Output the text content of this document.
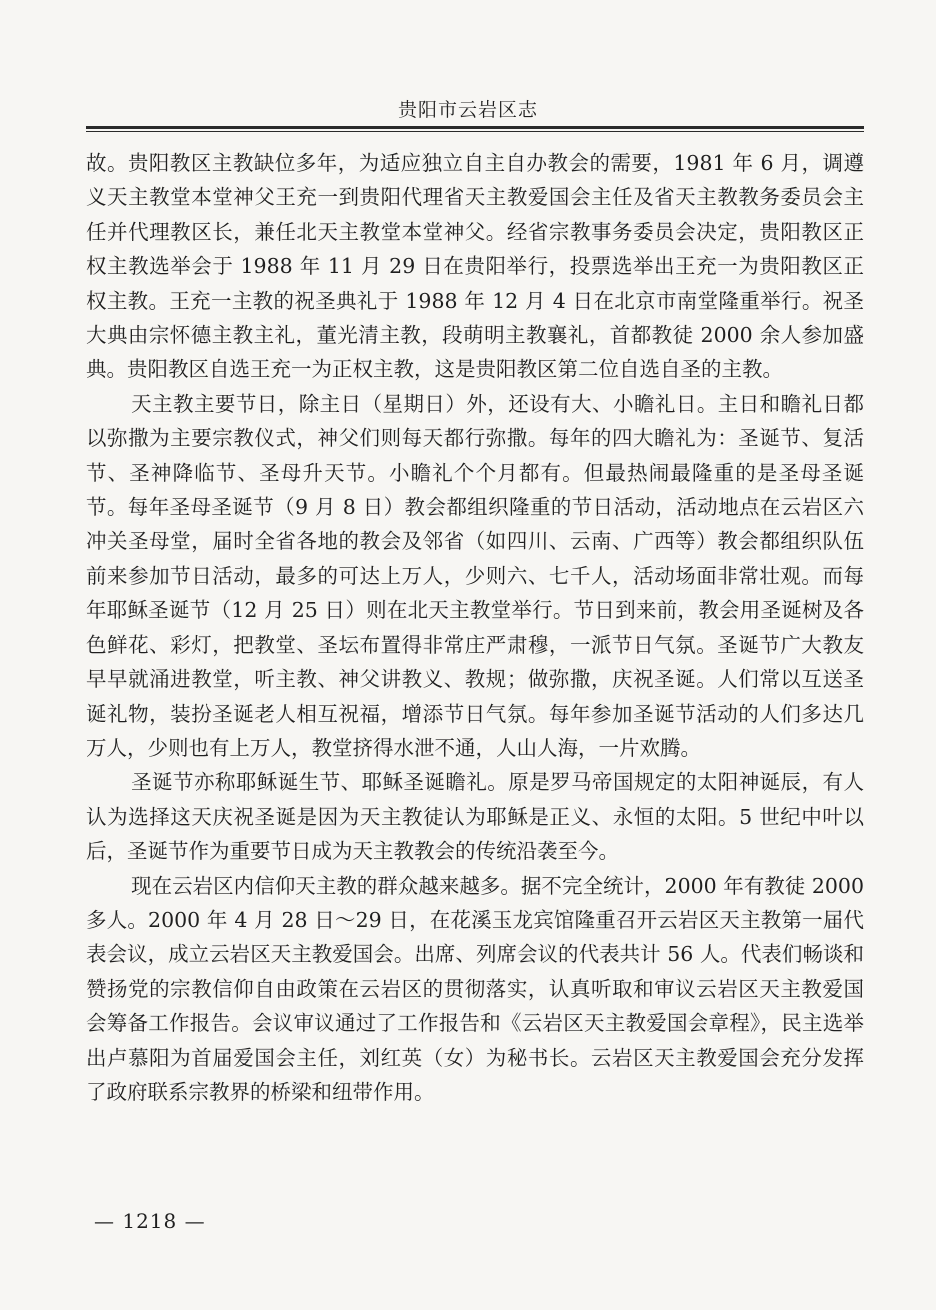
贵阳市云岩区志

故。贵阳教区主教缺位多年，为适应独立自主自办教会的需要，1981 年 6 月，调遵义天主教堂本堂神父王充一到贵阳代理省天主教爱国会主任及省天主教教务委员会主任并代理教区长，兼任北天主教堂本堂神父。经省宗教事务委员会决定，贵阳教区正权主教选举会于 1988 年 11 月 29 日在贵阳举行，投票选举出王充一为贵阳教区正权主教。王充一主教的祝圣典礼于 1988 年 12 月 4 日在北京市南堂隆重举行。祝圣大典由宗怀德主教主礼，董光清主教，段萌明主教襄礼，首都教徒 2000 余人参加盛典。贵阳教区自选王充一为正权主教，这是贵阳教区第二位自选自圣的主教。

天主教主要节日，除主日（星期日）外，还设有大、小瞻礼日。主日和瞻礼日都以弥撒为主要宗教仪式，神父们则每天都行弥撒。每年的四大瞻礼为：圣诞节、复活节、圣神降临节、圣母升天节。小瞻礼个个月都有。但最热闹最隆重的是圣母圣诞节。每年圣母圣诞节（9 月 8 日）教会都组织隆重的节日活动，活动地点在云岩区六冲关圣母堂，届时全省各地的教会及邻省（如四川、云南、广西等）教会都组织队伍前来参加节日活动，最多的可达上万人，少则六、七千人，活动场面非常壮观。而每年耶稣圣诞节（12 月 25 日）则在北天主教堂举行。节日到来前，教会用圣诞树及各色鲜花、彩灯，把教堂、圣坛布置得非常庄严肃穆，一派节日气氛。圣诞节广大教友早早就涌进教堂，听主教、神父讲教义、教规；做弥撒，庆祝圣诞。人们常以互送圣诞礼物，装扮圣诞老人相互祝福，增添节日气氛。每年参加圣诞节活动的人们多达几万人，少则也有上万人，教堂挤得水泄不通，人山人海，一片欢腾。

圣诞节亦称耶稣诞生节、耶稣圣诞瞻礼。原是罗马帝国规定的太阳神诞辰，有人认为选择这天庆祝圣诞是因为天主教徒认为耶稣是正义、永恒的太阳。5 世纪中叶以后，圣诞节作为重要节日成为天主教教会的传统沿袭至今。

现在云岩区内信仰天主教的群众越来越多。据不完全统计，2000 年有教徒 2000 多人。2000 年 4 月 28 日～29 日，在花溪玉龙宾馆隆重召开云岩区天主教第一届代表会议，成立云岩区天主教爱国会。出席、列席会议的代表共计 56 人。代表们畅谈和赞扬党的宗教信仰自由政策在云岩区的贯彻落实，认真听取和审议云岩区天主教爱国会筹备工作报告。会议审议通过了工作报告和《云岩区天主教爱国会章程》，民主选举出卢慕阳为首届爱国会主任，刘红英（女）为秘书长。云岩区天主教爱国会充分发挥了政府联系宗教界的桥梁和纽带作用。

— 1218 —
